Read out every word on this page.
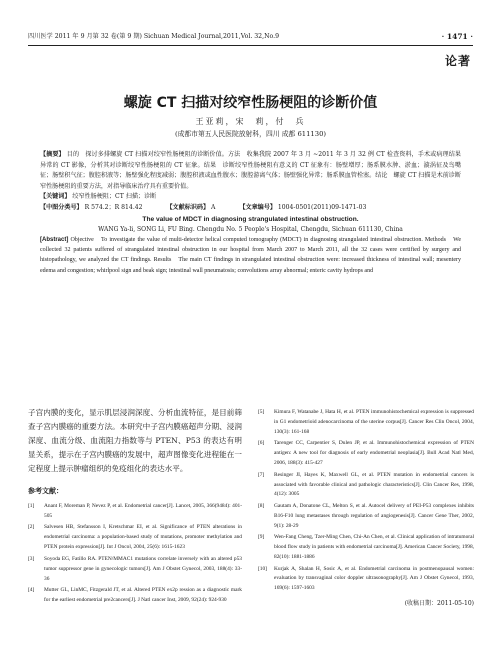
四川医学 2011 年 9 月第 32 卷(第 9 期) Sichuan Medical Journal,2011,Vol. 32,No.9	· 1471 ·
论著
螺旋 CT 扫描对绞窄性肠梗阻的诊断价值
王亚莉，宋　莉，付　兵
(成都市第五人民医院放射科，四川 成都 611130)

【摘要】 目的　探讨多排螺旋 CT 扫描对绞窄性肠梗阻的诊断价值。方法　收集我院 2007 年 3 月 ~2011 年 3 月 32 例 CT 检查资料，手术或病理结果异常的 CT 影像，分析其对诊断绞窄性肠梗阻的 CT 征象。结果　诊断绞窄性肠梗阻有意义的 CT 征象有：肠壁增厚；肠系膜水肿、淤血；漩涡征及鸟嘴征；肠壁积气征；腹腔积液等；肠壁强化程度减弱；腹腔积液或血性腹水；腹腔游离气体；肠壁强化异常；肠系膜血管栓塞。结论　螺旋 CT 扫描是术前诊断窄性肠梗阻的重要方法，对指导临床治疗具有重要价值。

【关键词】 绞窄性肠梗阻；CT 扫描；诊断

【中图分类号】 R 574.2；R 814.42	【文献标识码】 A	【文章编号】 1004-0501(2011)09-1471-03

The value of MDCT in diagnosing strangulated intestinal obstruction.

WANG Ya-li, SONG Li, FU Bing. Chengdu No. 5 People's Hospital, Chengdu, Sichuan 611130, China

[Abstract] Objective　To investigate the value of multi-detector helical computed tomography (MDCT) in diagnosing strangulated intestinal obstruction. Methods　We collected 32 patients suffered of strangulated intestinal obstruction in our hospital from March 2007 to March 2011, all the 32 cases were certified by surgery and histopathology, we analyzed the CT findings. Results　The main CT findings in strangulated intestinal obstruction were: increased thickness of intestinal wall; mesentery edema and congestion; whirlpool sign and beak sign; intestinal wall pneumatosis; convolutions array abnormal; enteric cavity hydrops and

子宫内膜的变化，显示肌层浸润深度、分析血流特征，是目前筛查子宫内膜癌的重要方法。本研究中子宫内膜癌超声分期、浸润深度、血流分级、血流阻力指数等与 PTEN、P53 的表达有明显关系，提示在子宫内膜癌的发展中，超声图像变化进程能在一定程度上提示肿瘤组织的免疫组化的表达水平。

参考文献：

[1] Anant F, Moreman P, Nevez P, et al. Endometrial cancer[J]. Lancet, 2005, 366(9484): 401-505

[2] Salvesen HB, Stefansson I, Kretschmar EI, et al. Significance of PTEN alterations in endometrial carcinoma: a population-based study of mutations, promoter methylation and PTEN protein expression[J]. Int J Oncol, 2004, 25(6): 1615-1623

[3] Soyoda EG, Fatillo RA. PTEN/MMAC1 mutations correlate inversely with an altered p53 tumor suppressor gene in gynecologic tumors[J]. Am J Obstet Gynecol, 2003, 188(4): 33-36

[4] Mutter GL, LinMC, Fitzgerald JT, et al. Altered PTEN ex2p ression as a diagnostic mark for the earliest endometrial pre2cancers[J]. J Natl cancer Inst, 2009, 92(24): 924-930

[5] Kimura F, Watanabe J, Hata H, et al. PTEN immunohistochemical expression is suppressed in G1 endometrioid adenocarcinoma of the uterine corpus[J]. Cancer Res Clin Oncol, 2004, 130(3): 161-168

[6] Tarenger CC, Carpentier S, Dulen JP, et al. Immunohistochemical expression of PTEN antigen: A new tool for diagnosis of early endometrial neoplasia[J]. Bull Acad Natl Med, 2006, 188(3): 415-427

[7] Resinger JI, Hayes K, Maxwell GL, et al. PTEN mutation in endometrial cancers is associated with favorable clinical and pathologic characteristics[J]. Clin Cancer Res, 1998, 4(12): 3005

[8] Gautam A, Donatone CL, Melton S, et al. Autocel delivery of PEI-P53 complexes inhibits B16-F10 lung metastases through regulation of angiogenesis[J]. Cancer Gene Ther, 2002, 9(1): 28-29

[9] Wen-Fang Cheng, Tzer-Ming Chen, Chi-An Chen, et al. Clinical application of intratumoral blood flow study in patients with endometrial carcinoma[J]. American Cancer Society, 1998, 82(10): 1881-1886

[10] Kurjak A, Shalan H, Sosic A, et al. Endometrial carcinoma in postmenopausal women: evaluation by transvaginal color doppler ultrasonography[J]. Am J Obstet Gynecol, 1993, 169(6): 1597-1603

(收稿日期：2011-05-10)
